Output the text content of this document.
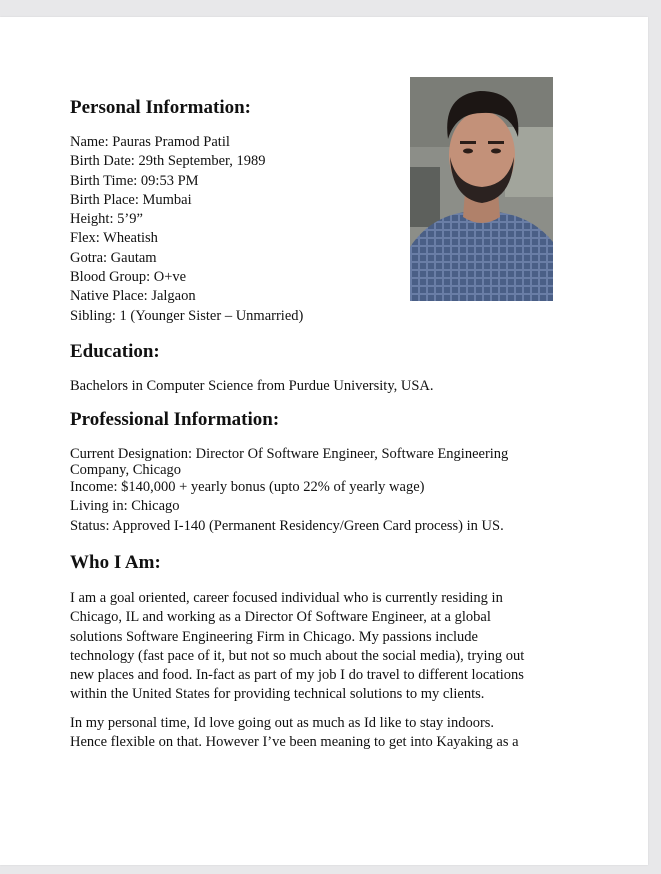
Personal Information:
Name: Pauras Pramod Patil
Birth Date: 29th September, 1989
Birth Time: 09:53 PM
Birth Place: Mumbai
Height: 5’9”
Flex: Wheatish
Gotra: Gautam
Blood Group: O+ve
Native Place: Jalgaon
Sibling: 1 (Younger Sister – Unmarried)
Education:
Bachelors in Computer Science from Purdue University, USA.
Professional Information:
Current Designation: Director Of Software Engineer, Software Engineering
Company, Chicago
Income: $140,000 + yearly bonus (upto 22% of yearly wage)
Living in: Chicago
Status: Approved I-140 (Permanent Residency/Green Card process) in US.
Who I Am:
I am a goal oriented, career focused individual who is currently residing in
Chicago, IL and working as a Director Of Software Engineer, at a global
solutions Software Engineering Firm in Chicago. My passions include
technology (fast pace of it, but not so much about the social media), trying out
new places and food. In-fact as part of my job I do travel to different locations
within the United States for providing technical solutions to my clients.
In my personal time, Id love going out as much as Id like to stay indoors.
Hence flexible on that. However I’ve been meaning to get into Kayaking as a
